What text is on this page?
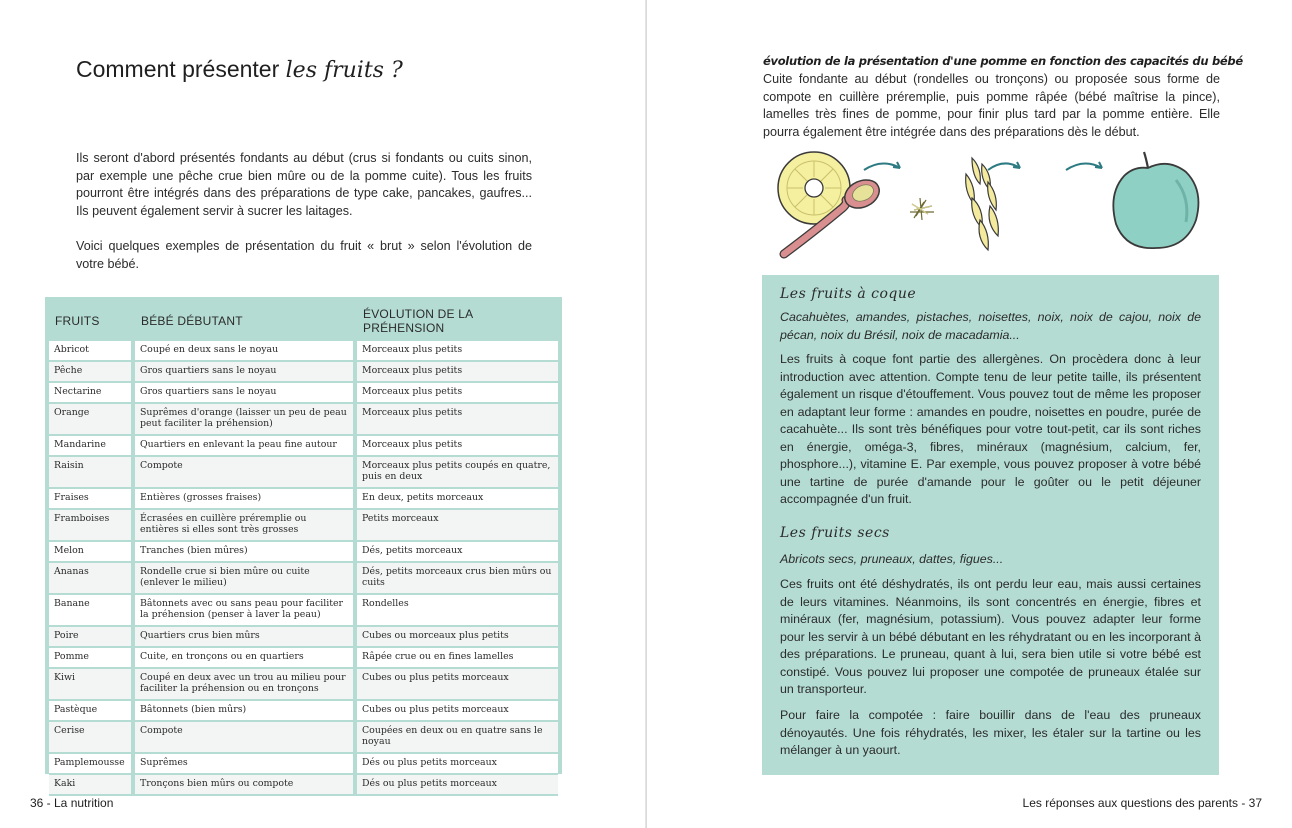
Comment présenter les fruits ?

Ils seront d'abord présentés fondants au début (crus si fondants ou cuits sinon, par exemple une pêche crue bien mûre ou de la pomme cuite). Tous les fruits pourront être intégrés dans des préparations de type cake, pancakes, gaufres... Ils peuvent également servir à sucrer les laitages.

Voici quelques exemples de présentation du fruit « brut » selon l'évolution de votre bébé.

FRUITS	BÉBÉ DÉBUTANT	ÉVOLUTION DE LA PRÉHENSION
Abricot	Coupé en deux sans le noyau	Morceaux plus petits
Pêche	Gros quartiers sans le noyau	Morceaux plus petits
Nectarine	Gros quartiers sans le noyau	Morceaux plus petits
Orange	Suprêmes d'orange (laisser un peu de peau peut faciliter la préhension)	Morceaux plus petits
Mandarine	Quartiers en enlevant la peau fine autour	Morceaux plus petits
Raisin	Compote	Morceaux plus petits coupés en quatre, puis en deux
Fraises	Entières (grosses fraises)	En deux, petits morceaux
Framboises	Écrasées en cuillère préremplie ou entières si elles sont très grosses	Petits morceaux
Melon	Tranches (bien mûres)	Dés, petits morceaux
Ananas	Rondelle crue si bien mûre ou cuite (enlever le milieu)	Dés, petits morceaux crus bien mûrs ou cuits
Banane	Bâtonnets avec ou sans peau pour faciliter la préhension (penser à laver la peau)	Rondelles
Poire	Quartiers crus bien mûrs	Cubes ou morceaux plus petits
Pomme	Cuite, en tronçons ou en quartiers	Râpée crue ou en fines lamelles
Kiwi	Coupé en deux avec un trou au milieu pour faciliter la préhension ou en tronçons	Cubes ou plus petits morceaux
Pastèque	Bâtonnets (bien mûrs)	Cubes ou plus petits morceaux
Cerise	Compote	Coupées en deux ou en quatre sans le noyau
Pamplemousse	Suprêmes	Dés ou plus petits morceaux
Kaki	Tronçons bien mûrs ou compote	Dés ou plus petits morceaux
36 - La nutrition
évolution de la présentation d'une pomme en fonction des capacités du bébé

Cuite fondante au début (rondelles ou tronçons) ou proposée sous forme de compote en cuillère préremplie, puis pomme râpée (bébé maîtrise la pince), lamelles très fines de pomme, pour finir plus tard par la pomme entière. Elle pourra également être intégrée dans des préparations dès le début.

Les fruits à coque

Cacahuètes, amandes, pistaches, noisettes, noix, noix de cajou, noix de pécan, noix du Brésil, noix de macadamia...

Les fruits à coque font partie des allergènes. On procèdera donc à leur introduction avec attention. Compte tenu de leur petite taille, ils présentent également un risque d'étouffement. Vous pouvez tout de même les proposer en adaptant leur forme : amandes en poudre, noisettes en poudre, purée de cacahuète... Ils sont très bénéfiques pour votre tout-petit, car ils sont riches en énergie, oméga-3, fibres, minéraux (magnésium, calcium, fer, phosphore...), vitamine E. Par exemple, vous pouvez proposer à votre bébé une tartine de purée d'amande pour le goûter ou le petit déjeuner accompagnée d'un fruit.

Les fruits secs

Abricots secs, pruneaux, dattes, figues...

Ces fruits ont été déshydratés, ils ont perdu leur eau, mais aussi certaines de leurs vitamines. Néanmoins, ils sont concentrés en énergie, fibres et minéraux (fer, magnésium, potassium). Vous pouvez adapter leur forme pour les servir à un bébé débutant en les réhydratant ou en les incorporant à des préparations. Le pruneau, quant à lui, sera bien utile si votre bébé est constipé. Vous pouvez lui proposer une compotée de pruneaux étalée sur un transporteur.

Pour faire la compotée : faire bouillir dans de l'eau des pruneaux dénoyautés. Une fois réhydratés, les mixer, les étaler sur la tartine ou les mélanger à un yaourt.

Les réponses aux questions des parents - 37
